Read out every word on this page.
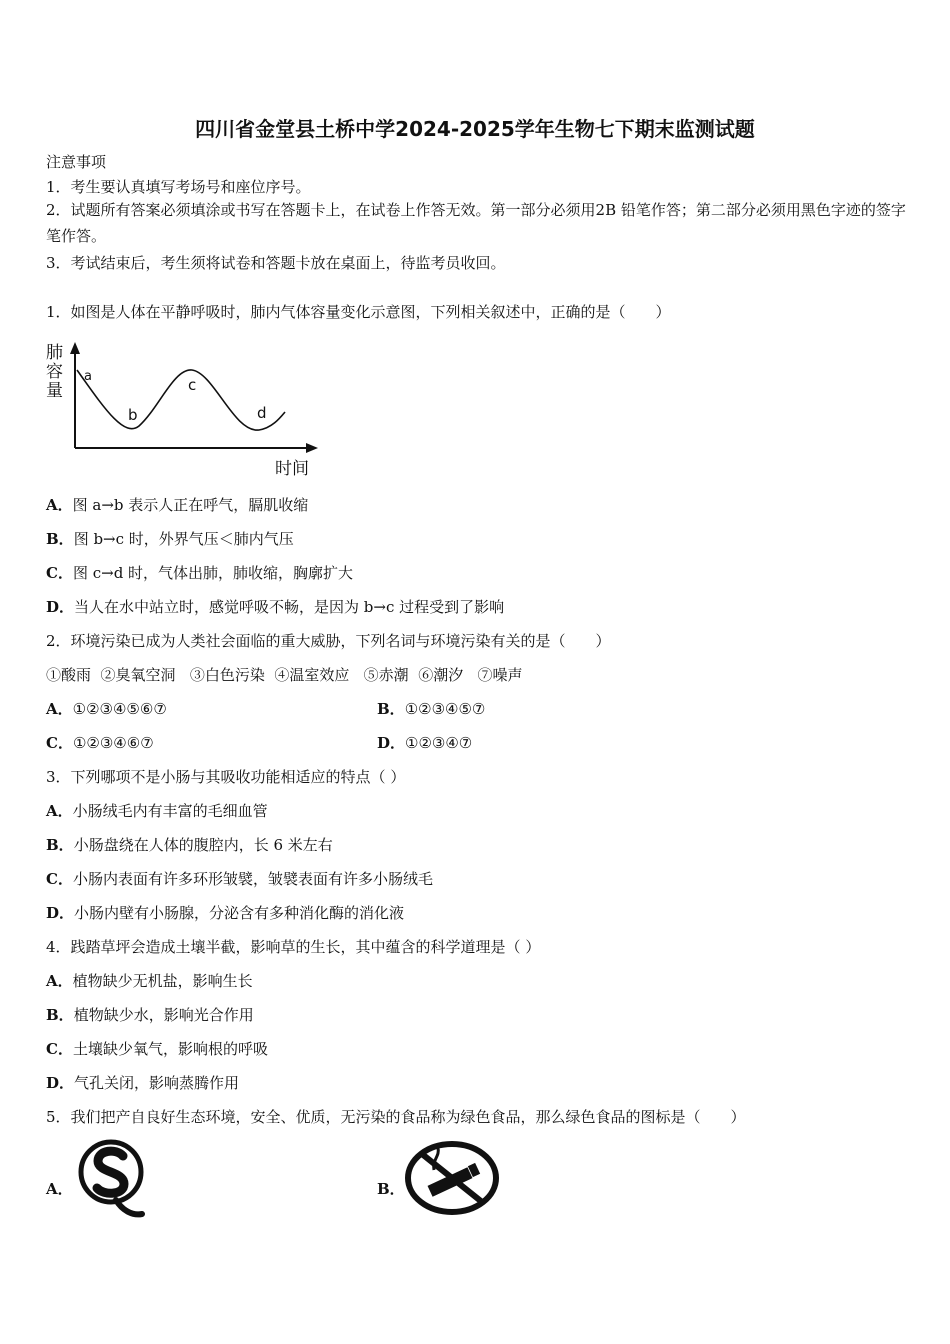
四川省金堂县土桥中学2024-2025学年生物七下期末监测试题
注意事项
1．考生要认真填写考场号和座位序号。
2．试题所有答案必须填涂或书写在答题卡上，在试卷上作答无效。第一部分必须用2B 铅笔作答；第二部分必须用黑色字迹的签字笔作答。
3．考试结束后，考生须将试卷和答题卡放在桌面上，待监考员收回。
1．如图是人体在平静呼吸时，肺内气体容量变化示意图，下列相关叙述中，正确的是（　　）
肺
容
量
a
b
c
d
时间
A．图 a→b 表示人正在呼气，膈肌收缩
B．图 b→c 时，外界气压＜肺内气压
C．图 c→d 时，气体出肺，肺收缩，胸廓扩大
D．当人在水中站立时，感觉呼吸不畅，是因为 b→c 过程受到了影响
2．环境污染已成为人类社会面临的重大威胁，下列名词与环境污染有关的是（　　）
①酸雨  ②臭氧空洞   ③白色污染  ④温室效应   ⑤赤潮  ⑥潮汐   ⑦噪声
A．①②③④⑤⑥⑦	B．①②③④⑤⑦
C．①②③④⑥⑦	D．①②③④⑦
3．下列哪项不是小肠与其吸收功能相适应的特点（ ）
A．小肠绒毛内有丰富的毛细血管
B．小肠盘绕在人体的腹腔内，长 6 米左右
C．小肠内表面有许多环形皱襞，皱襞表面有许多小肠绒毛
D．小肠内壁有小肠腺，分泌含有多种消化酶的消化液
4．践踏草坪会造成土壤半截，影响草的生长，其中蕴含的科学道理是（ ）
A．植物缺少无机盐，影响生长
B．植物缺少水，影响光合作用
C．土壤缺少氧气，影响根的呼吸
D．气孔关闭，影响蒸腾作用
5．我们把产自良好生态环境，安全、优质，无污染的食品称为绿色食品，那么绿色食品的图标是（　　）
A．	B．
